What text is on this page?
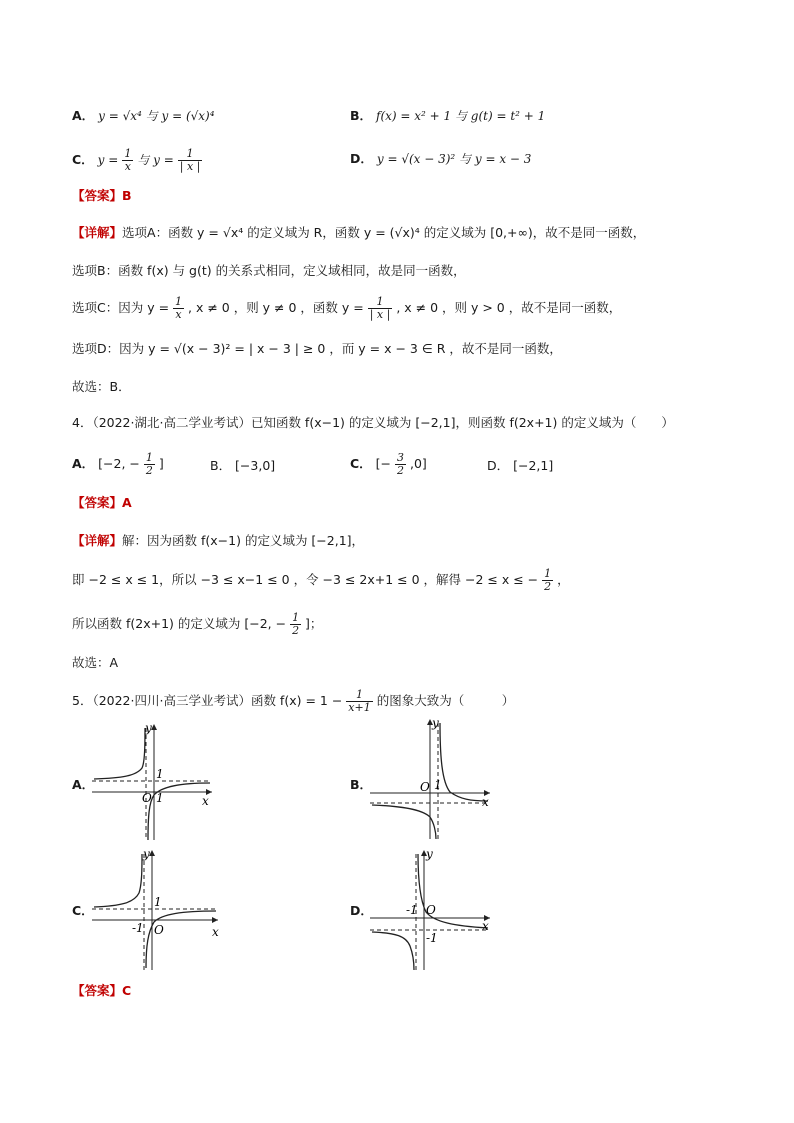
A． y = √x⁴ 与 y = (√x)⁴	B． f(x) = x² + 1 与 g(t) = t² + 1
C． $y = \frac{1}{x}$ 与 $y = \frac{1}{| x |}$	D． y = √(x − 3)² 与 y = x − 3
【答案】B
【详解】选项A：函数 y = √x⁴ 的定义域为 R，函数 y = (√x)⁴ 的定义域为 [0,+∞)，故不是同一函数，
选项B：函数 f(x) 与 g(t) 的关系式相同，定义域相同，故是同一函数，
选项C：因为 $y = \frac{1}{x}$ , x ≠ 0 ，则 y ≠ 0 ，函数 $y = \frac{1}{| x |}$ , x ≠ 0 ，则 y > 0 ，故不是同一函数，
选项D：因为 y = √(x − 3)² = | x − 3 | ≥ 0 ，而 y = x − 3 ∈ R ，故不是同一函数，
故选：B．
4．（2022·湖北·高二学业考试）已知函数 f(x−1) 的定义域为 [−2,1]，则函数 f(2x+1) 的定义域为（　　）
A． [−2, − $\frac{1}{2}$ ]	B． [−3,0]	C． [− $\frac{3}{2} ,0$]	D． [−2,1]
【答案】A
【详解】解：因为函数 f(x−1) 的定义域为 [−2,1]，
即 −2 ≤ x ≤ 1，所以 −3 ≤ x−1 ≤ 0 ，令 −3 ≤ 2x+1 ≤ 0 ，解得 −2 ≤ x ≤ − $\frac{1}{2}$ ，
所以函数 f(2x+1) 的定义域为 [−2, − $\frac{1}{2}$ ]；
故选：A
5．（2022·四川·高三学业考试）函数 $f(x) = 1 - \frac{1}{x+1}$ 的图象大致为（　　　）
A．
O	x
y
1
1
B．	O
x
y
1
C．
O	x
y
1
-1
D．	O
x
y
-1
-1
【答案】C
